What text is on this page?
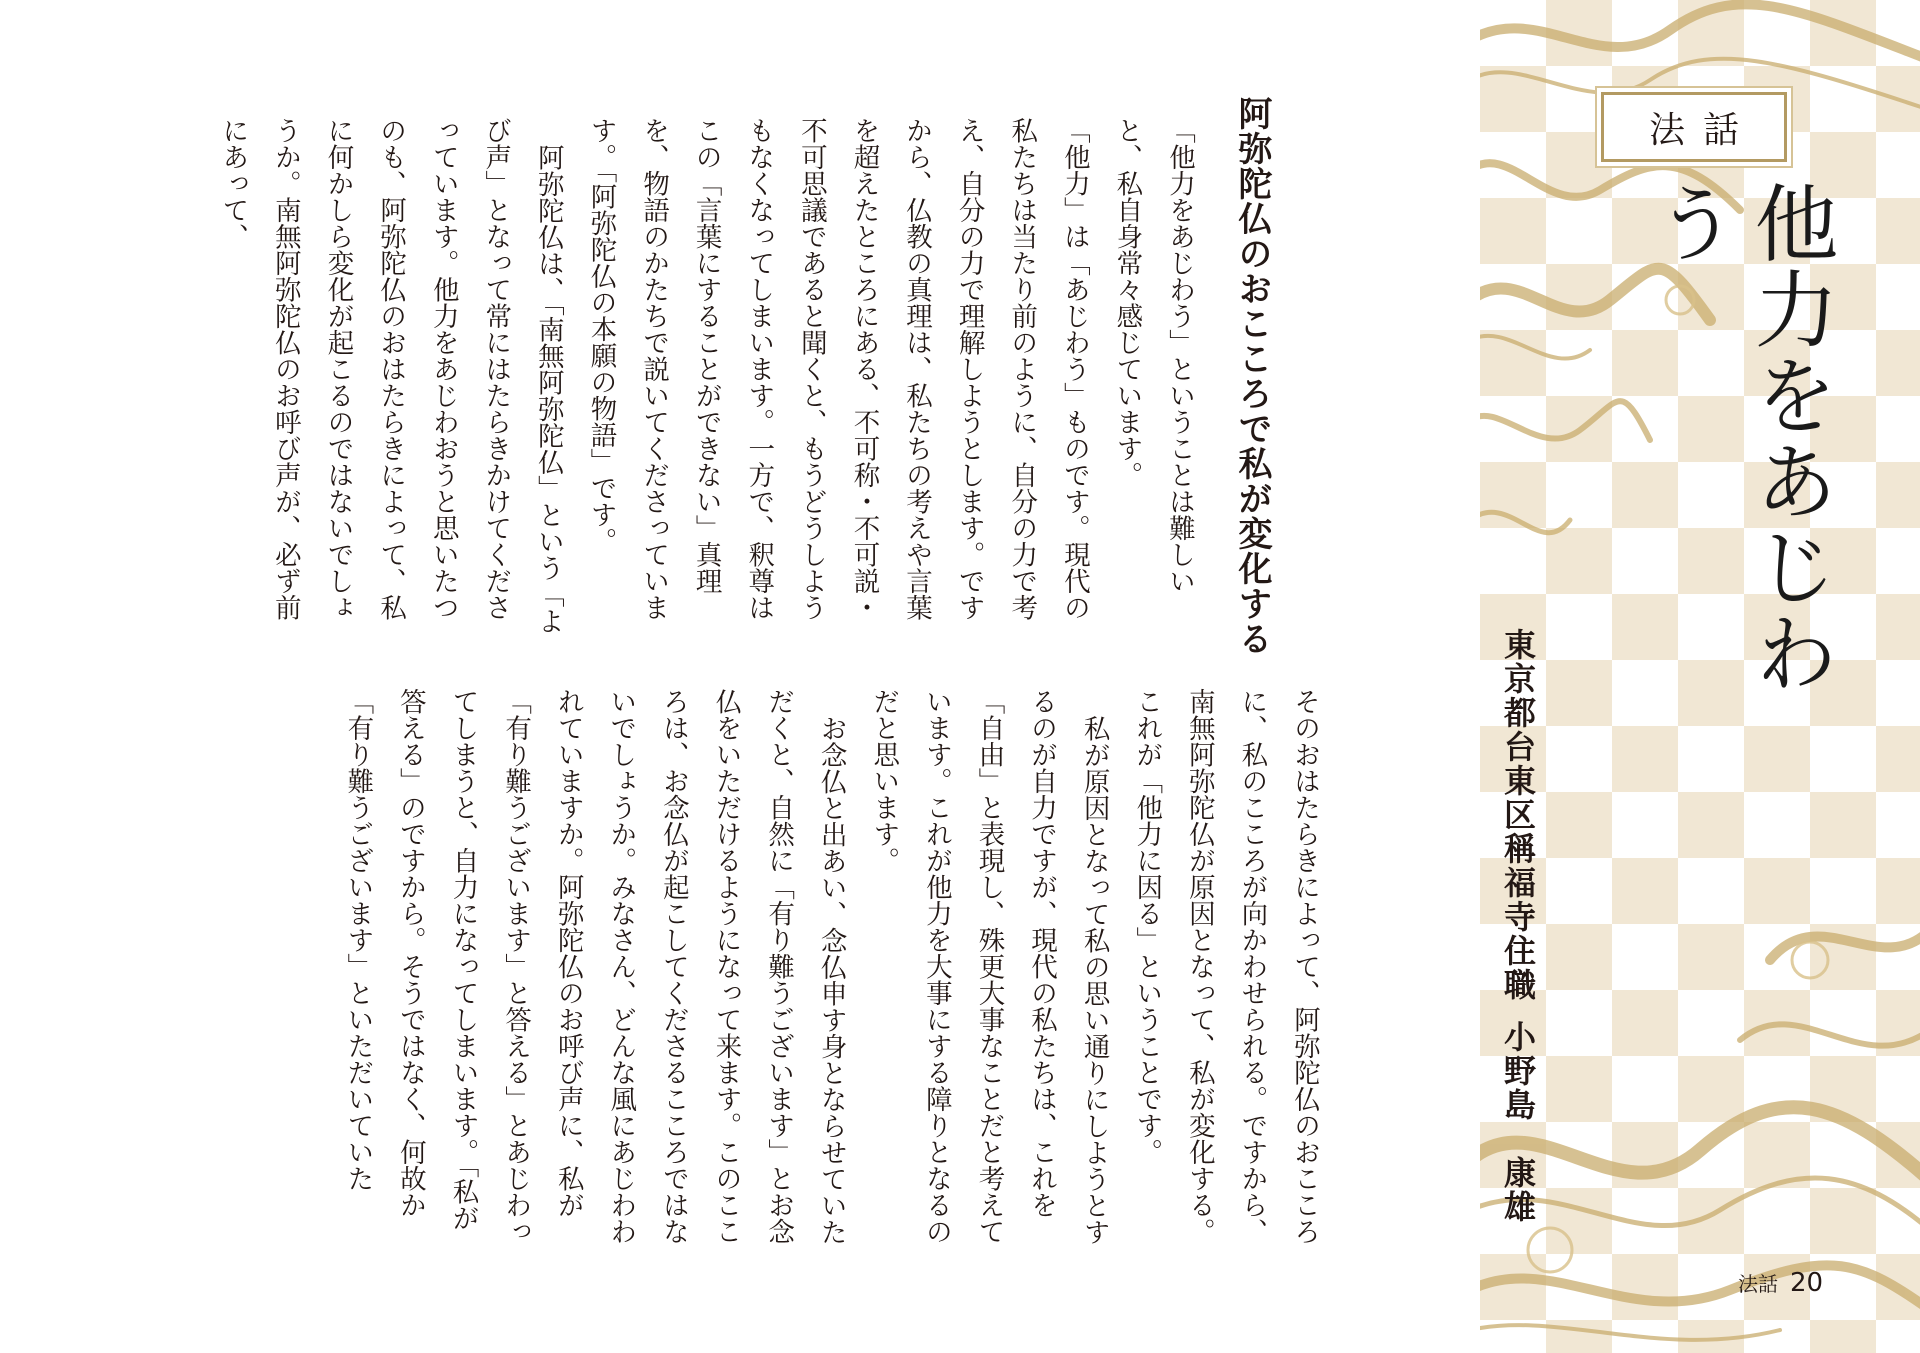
法話
他力をあじわう
東京都台東区稱福寺住職
小野島　康雄
法話 20
阿弥陀仏のおこころで私が変化する

「他力をあじわう」ということは難しいと、私自身常々感じています。

「他力」は「あじわう」ものです。現代の私たちは当たり前のように、自分の力で考え、自分の力で理解しようとします。ですから、仏教の真理は、私たちの考えや言葉を超えたところにある、不可称・不可説・不可思議であると聞くと、もうどうしようもなくなってしまいます。一方で、釈尊はこの「言葉にすることができない」真理を、物語のかたちで説いてくださっていま す。「阿弥陀仏の本願の物語」です。

阿弥陀仏は、「南無阿弥陀仏」という「よび声」となって常にはたらきかけてくださっています。他力をあじわおうと思いたつのも、阿弥陀仏のおはたらきによって、私に何かしら変化が起こるのではないでしょうか。南無阿弥陀仏のお呼び声が、必ず前にあって、

そのおはたらきによって、阿弥陀仏のおこころに、私のこころが向かわせられる。ですから、南無阿弥陀仏が原因となって、私が変化する。これが「他力に因る」ということです。

私が原因となって私の思い通りにしようとするのが自力ですが、現代の私たちは、これを「自由」と表現し、殊更大事なことだと考えています。これが他力を大事にする障りとなるのだと思います。

お念仏と出あい、念仏申す身とならせていただくと、自然に「有り難うございます」とお念仏をいただけるようになって来ます。このこころは、お念仏が起こしてくださるこころではないでしょうか。みなさん、どんな風にあじわわれていますか。阿弥陀仏のお呼び声に、私が「有り難うございます」と答える」とあじわってしまうと、自力になってしまいます。「私が答える」のですから。そうではなく、何故か「有り難うございます」といただいていた
